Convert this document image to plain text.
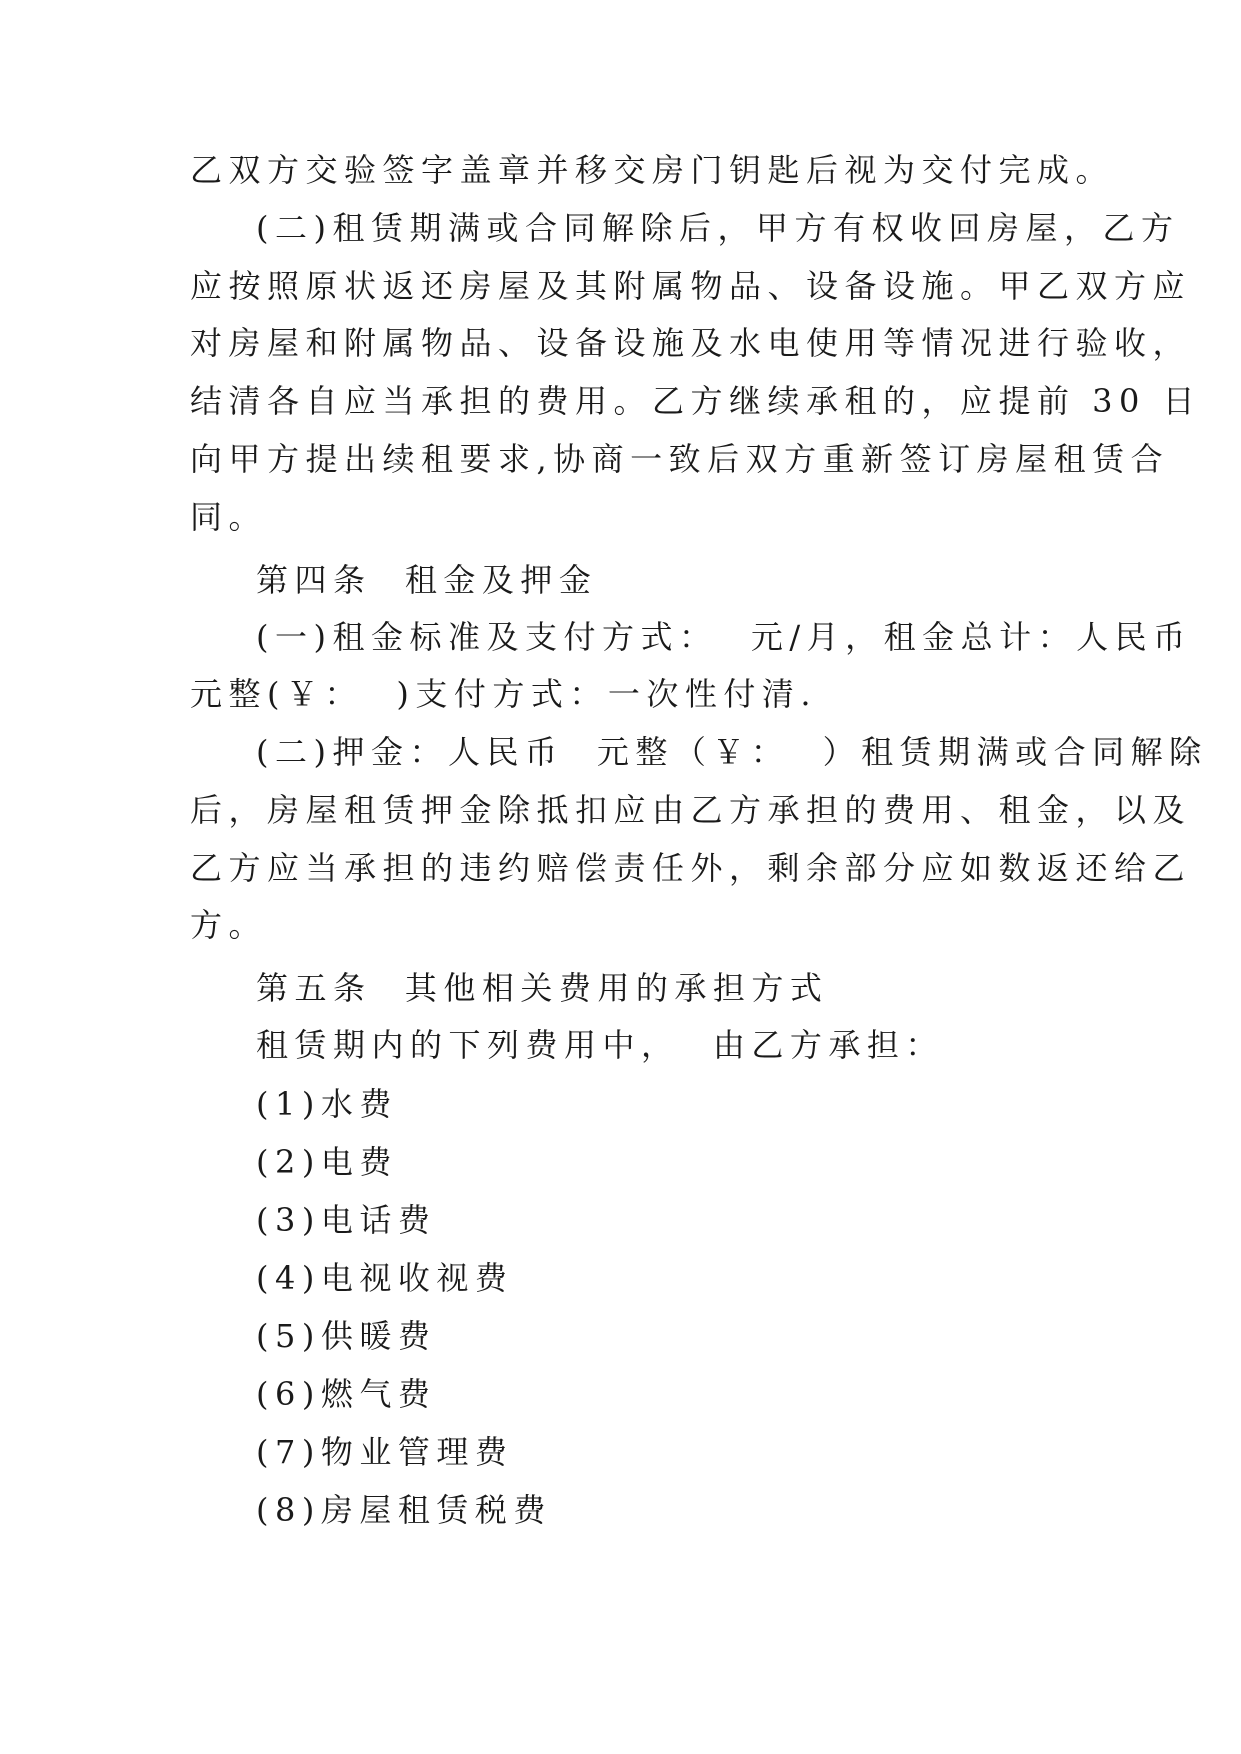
乙双方交验签字盖章并移交房门钥匙后视为交付完成。
(二)租赁期满或合同解除后，甲方有权收回房屋，乙方
应按照原状返还房屋及其附属物品、设备设施。甲乙双方应
对房屋和附属物品、设备设施及水电使用等情况进行验收，
结清各自应当承担的费用。乙方继续承租的，应提前 30 日
向甲方提出续租要求,协商一致后双方重新签订房屋租赁合
同。
第四条  租金及押金
(一)租金标准及支付方式：  元/月，租金总计：人民币
元整(￥：  )支付方式：一次性付清.
(二)押金：人民币  元整（￥：  ）租赁期满或合同解除
后，房屋租赁押金除抵扣应由乙方承担的费用、租金，以及
乙方应当承担的违约赔偿责任外，剩余部分应如数返还给乙
方。
第五条  其他相关费用的承担方式
租赁期内的下列费用中，  由乙方承担：
(1)水费
(2)电费
(3)电话费
(4)电视收视费
(5)供暖费
(6)燃气费
(7)物业管理费
(8)房屋租赁税费
